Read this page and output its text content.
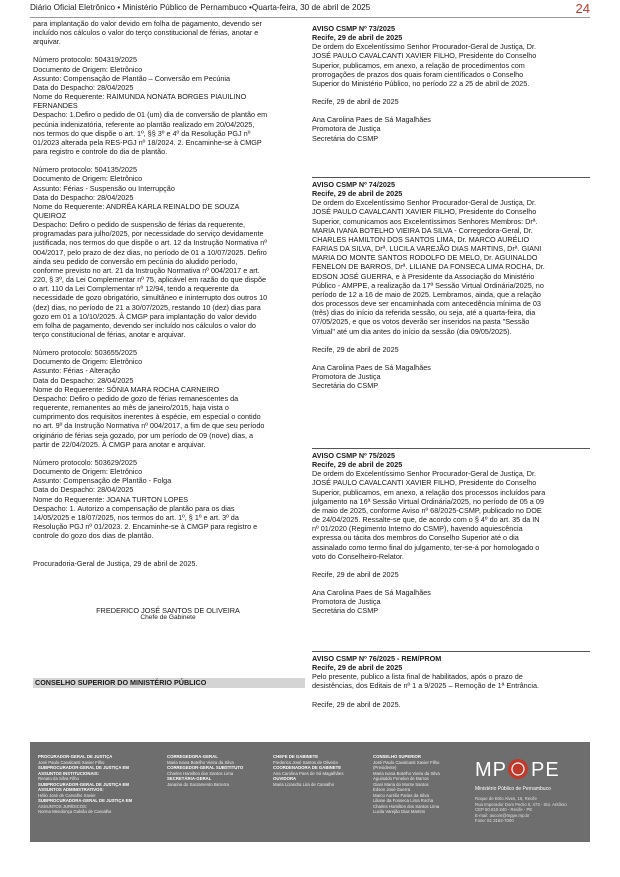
Diário Oficial Eletrônico • Ministério Público de Pernambuco •Quarta-feira, 30 de abril de 2025	24
para implantação do valor devido em folha de pagamento, devendo ser
incluído nos cálculos o valor do terço constitucional de férias, anotar e
arquivar.
Número protocolo: 504319/2025
Documento de Origem: Eletrônico
Assunto: Compensação de Plantão – Conversão em Pecúnia
Data do Despacho: 28/04/2025
Nome do Requerente: RAIMUNDA NONATA BORGES PIAUILINO
FERNANDES
Despacho: 1.Defiro o pedido de 01 (um) dia de conversão de plantão em
pecúnia indenizatória, referente ao plantão realizado em 20/04/2025,
nos termos do que dispõe o art. 1º, §§ 3º e 4º da Resolução PGJ nº
01/2023 alterada pela RES-PGJ nº 18/2024. 2. Encaminhe-se à CMGP
para registro e controle do dia de plantão.
Número protocolo: 504135/2025
Documento de Origem: Eletrônico
Assunto: Férias - Suspensão ou Interrupção
Data do Despacho: 28/04/2025
Nome do Requerente: ANDRÉA KARLA REINALDO DE SOUZA
QUEIROZ
Despacho: Defiro o pedido de suspensão de férias da requerente,
programadas para julho/2025, por necessidade do serviço devidamente
justificada, nos termos do que dispõe o art. 12 da Instrução Normativa nº
004/2017, pelo prazo de dez dias, no período de 01 a 10/07/2025. Defiro
ainda seu pedido de conversão em pecúnia do aludido período,
conforme previsto no art. 21 da Instrução Normativa nº 004/2017 e art.
220, § 3º, da Lei Complementar nº 75, aplicável em razão do que dispõe
o art. 110 da Lei Complementar nº 12/94, tendo a requerente da
necessidade de gozo obrigatório, simultâneo e ininterrupto dos outros 10
(dez) dias, no período de 21 a 30/07/2025, restando 10 (dez) dias para
gozo em 01 a 10/10/2025. À CMGP para implantação do valor devido
em folha de pagamento, devendo ser incluído nos cálculos o valor do
terço constitucional de férias, anotar e arquivar.
Número protocolo: 503655/2025
Documento de Origem: Eletrônico
Assunto: Férias - Alteração
Data do Despacho: 28/04/2025
Nome do Requerente: SÔNIA MARA ROCHA CARNEIRO
Despacho: Defiro o pedido de gozo de férias remanescentes da
requerente, remanentes ao mês de janeiro/2015, haja vista o
cumprimento dos requisitos inerentes à espécie, em especial o contido
no art. 9º da Instrução Normativa nº 004/2017, a fim de que seu período
originário de férias seja gozado, por um período de 09 (nove) dias, a
partir de 22/04/2025. À CMGP para anotar e arquivar.
Número protocolo: 503629/2025
Documento de Origem: Eletrônico
Assunto: Compensação de Plantão - Folga
Data do Despacho: 28/04/2025
Nome do Requerente: JOANA TURTON LOPES
Despacho: 1. Autorizo a compensação de plantão para os dias
14/05/2025 e 18/07/2025, nos termos do art. 1º, § 1º e art. 3º da
Resolução PGJ nº 01/2023. 2. Encaminhe-se à CMGP para registro e
controle do gozo dos dias de plantão.
Procuradoria-Geral de Justiça, 29 de abril de 2025.
FREDERICO JOSÉ SANTOS DE OLIVEIRA
Chefe de Gabinete
CONSELHO SUPERIOR DO MINISTÉRIO PÚBLICO
AVISO CSMP Nº 73/2025
Recife, 29 de abril de 2025
De ordem do Excelentíssimo Senhor Procurador-Geral de Justiça, Dr.
JOSÉ PAULO CAVALCANTI XAVIER FILHO, Presidente do Conselho
Superior, publicamos, em anexo, a relação de procedimentos com
prorrogações de prazos dos quais foram científicados o Conselho
Superior do Ministério Público, no período 22 a 25 de abril de 2025.
Recife, 29 de abril de 2025
Ana Carolina Paes de Sá Magalhães
Promotora de Justiça
Secretária do CSMP
AVISO CSMP Nº 74/2025
Recife, 29 de abril de 2025
De ordem do Excelentíssimo Senhor Procurador-Geral de Justiça, Dr.
JOSÉ PAULO CAVALCANTI XAVIER FILHO, Presidente do Conselho
Superior, comunicamos aos Excelentíssimos Senhores Membros: Drª.
MARIA IVANA BOTELHO VIEIRA DA SILVA - Corregedora-Geral, Dr.
CHARLES HAMILTON DOS SANTOS LIMA, Dr. MARCO AURÉLIO
FARIAS DA SILVA, Drª. LUCILA VAREJÃO DIAS MARTINS, Drª. GIANI
MARIA DO MONTE SANTOS RODOLFO DE MELO, Dr. AGUINALDO
FENELON DE BARROS, Drª. LILIANE DA FONSECA LIMA ROCHA, Dr.
EDSON JOSÉ GUERRA, e à Presidente da Associação do Ministério
Público - AMPPE, a realização da 17ª Sessão Virtual Ordinária/2025, no
período de 12 a 16 de maio de 2025. Lembramos, ainda, que a relação
dos processos deve ser encaminhada com antecedência mínima de 03
(três) dias do início da referida sessão, ou seja, até a quarta-feira, dia
07/05/2025, e que os votos deverão ser inseridos na pasta "Sessão
Virtual" até um dia antes do início da sessão (dia 09/05/2025).
Recife, 29 de abril de 2025
Ana Carolina Paes de Sá Magalhães
Promotora de Justiça
Secretária do CSMP
AVISO CSMP Nº 75/2025
Recife, 29 de abril de 2025
De ordem do Excelentíssimo Senhor Procurador-Geral de Justiça, Dr.
JOSÉ PAULO CAVALCANTI XAVIER FILHO, Presidente do Conselho
Superior, publicamos, em anexo, a relação dos processos incluídos para
julgamento na 16ª Sessão Virtual Ordinária/2025, no período de 05 a 09
de maio de 2025, conforme Aviso nº 68/2025-CSMP, publicado no DOE
de 24/04/2025. Ressalte-se que, de acordo com o § 4º do art. 35 da IN
nº 01/2020 (Regimento Interno do CSMP), havendo aquiescência
expressa ou tácita dos membros do Conselho Superior até o dia
assinalado como termo final do julgamento, ter-se-á por homologado o
voto do Conselheiro-Relator.
Recife, 29 de abril de 2025
Ana Carolina Paes de Sá Magalhães
Promotora de Justiça
Secretária do CSMP
AVISO CSMP Nº 76/2025 - REM/PROM
Recife, 29 de abril de 2025
Pelo presente, publico a lista final de habilitados, após o prazo de
desistências, dos Editais de nº 1 a 9/2025 – Remoção de 1ª Entrância.
Recife, 29 de abril de 2025.
PROCURADOR-GERAL DE JUSTIÇA
José Paulo Cavalcanti Xavier Filho
SUBPROCURADOR-GERAL DE JUSTIÇA EM
ASSUNTOS INSTITUCIONAIS:
Renato da Silva Filho
SUBPROCURADOR-GERAL DE JUSTIÇA EM
ASSUNTOS ADMINISTRATIVOS:
Hélio José de Carvalho Xavier
SUBPROCURADORA-GERAL DE JUSTIÇA EM
ASSUNTOS JURÍDICOS:
Norma Mendonça Galvão de Carvalho
CORREGEDORA-GERAL
Maria Ivana Botelho Vieira da Silva
CORREGEDOR-GERAL SUBSTITUTO
Charles Hamilton dos Santos Lima
SECRETÁRIA-GERAL
Janaína do Sacramento Bezerra
CHEFE DE GABINETE
Frederico José Santos de Oliveira
COORDENADORA DE GABINETE
Ana Carolina Paes de Sá Magalhães
OUVIDORA
Maria Lizandra Lira de Carvalho
CONSELHO SUPERIOR
José Paulo Cavalcanti Xavier Filho
(Presidente)
Maria Ivana Botelho Vieira da Silva
Aguinaldo Fenelon de Barros
Giani Maria do Monte Santos
Edson José Guerra
Marco Aurélio Farias da Silva
Liliane da Fonseca Lima Rocha
Charles Hamilton dos Santos Lima
Lucila Varejão Dias Martins
MP PE
Ministério Público de Pernambuco
Roque de Brito Alves, 16, Recife
Rua Imperador Dom Pedro II, 473 - Sto. Antônio
CEP 50.010-240 - Recife - PE
E-mail: ascom@mppe.mp.br
Fone: 81 3182-7000
